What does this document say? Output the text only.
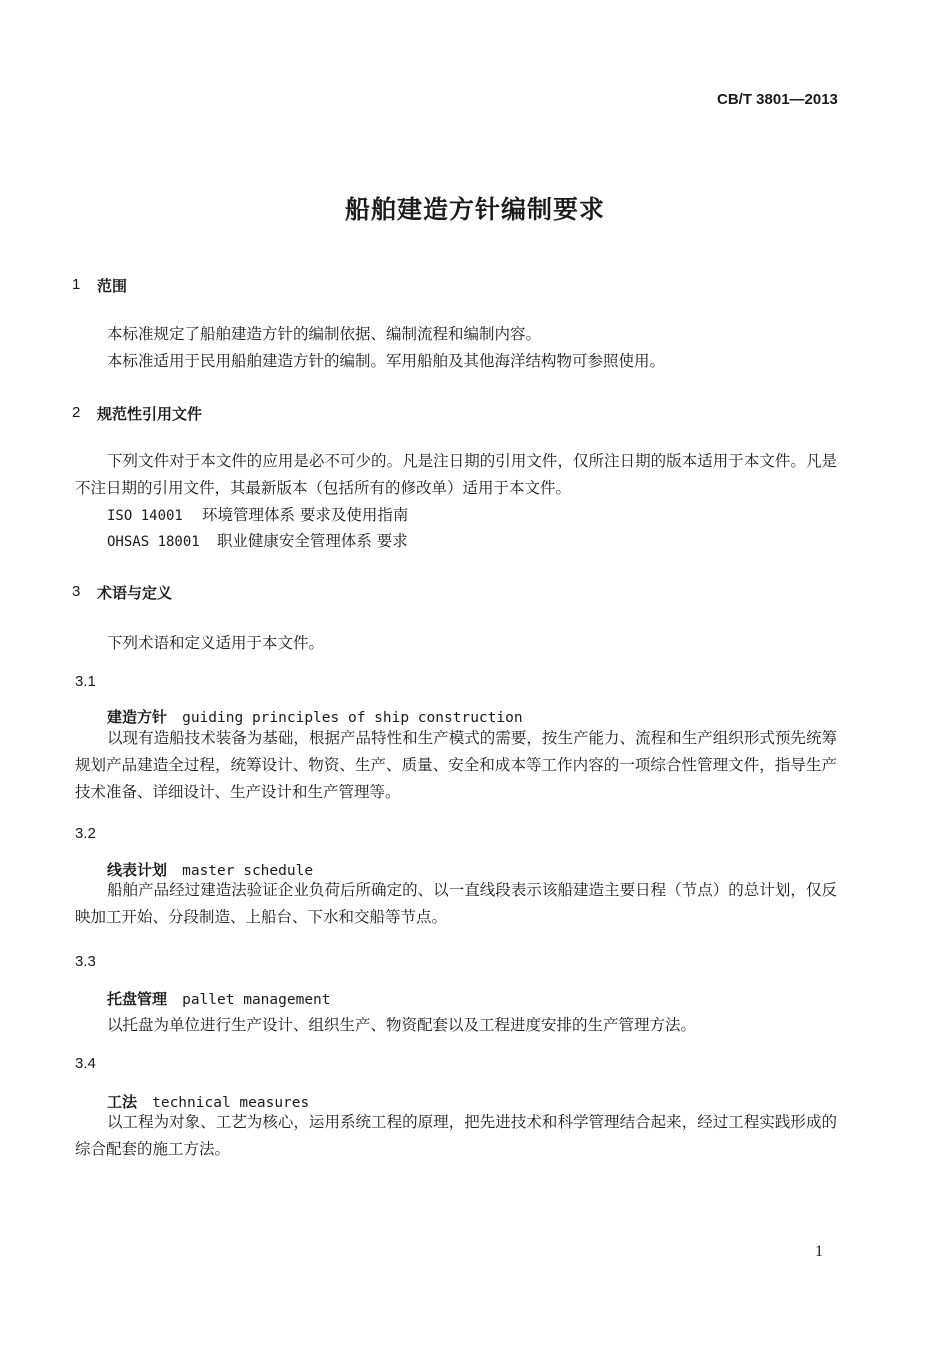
CB/T 3801—2013
船舶建造方针编制要求
1 范围
本标准规定了船舶建造方针的编制依据、编制流程和编制内容。
本标准适用于民用船舶建造方针的编制。军用船舶及其他海洋结构物可参照使用。
2 规范性引用文件
下列文件对于本文件的应用是必不可少的。凡是注日期的引用文件，仅所注日期的版本适用于本文件。凡是不注日期的引用文件，其最新版本（包括所有的修改单）适用于本文件。
ISO 14001 环境管理体系 要求及使用指南
OHSAS 18001 职业健康安全管理体系 要求
3 术语与定义
下列术语和定义适用于本文件。
3.1
建造方针 guiding principles of ship construction
以现有造船技术装备为基础，根据产品特性和生产模式的需要，按生产能力、流程和生产组织形式预先统筹规划产品建造全过程，统筹设计、物资、生产、质量、安全和成本等工作内容的一项综合性管理文件，指导生产技术准备、详细设计、生产设计和生产管理等。
3.2
线表计划 master schedule
船舶产品经过建造法验证企业负荷后所确定的、以一直线段表示该船建造主要日程（节点）的总计划，仅反映加工开始、分段制造、上船台、下水和交船等节点。
3.3
托盘管理 pallet management
以托盘为单位进行生产设计、组织生产、物资配套以及工程进度安排的生产管理方法。
3.4
工法 technical measures
以工程为对象、工艺为核心，运用系统工程的原理，把先进技术和科学管理结合起来，经过工程实践形成的综合配套的施工方法。
1
